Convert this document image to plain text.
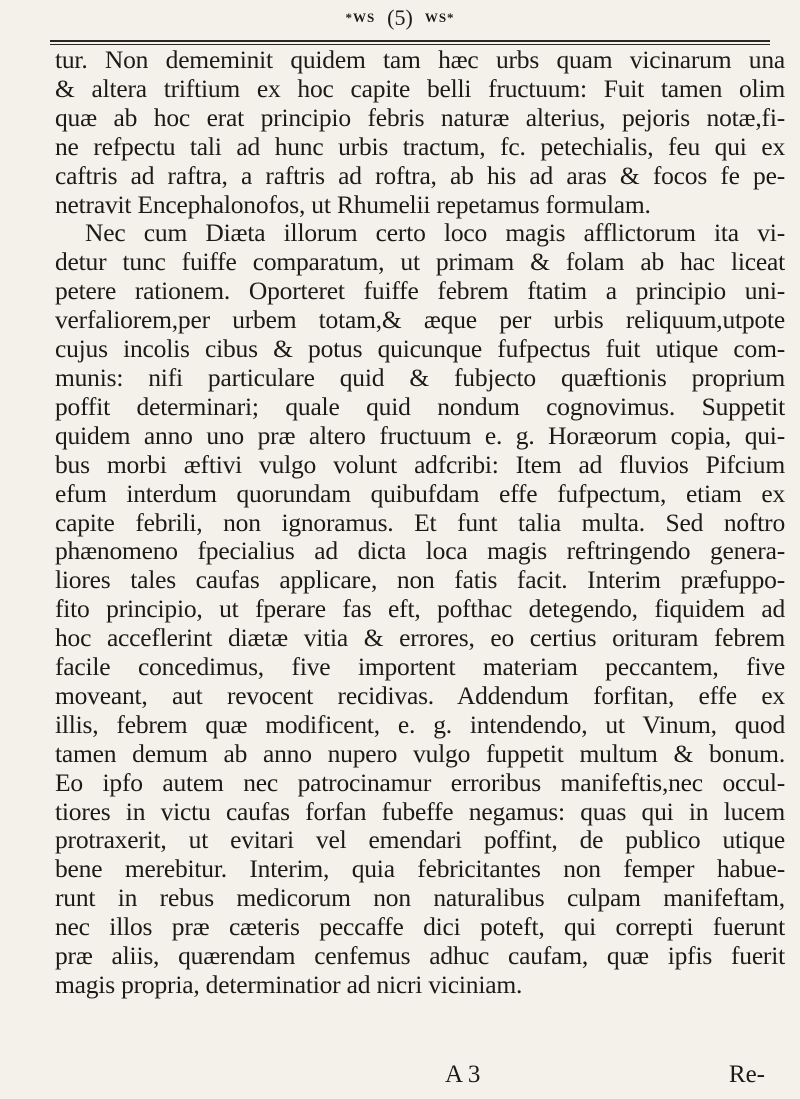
*WS (5) WS*
tur. Non dememinit quidem tam hæc urbs quam vicinarum una
& altera triftium ex hoc capite belli fructuum: Fuit tamen olim
quæ ab hoc erat principio febris naturæ alterius, pejoris notæ,fi-
ne refpectu tali ad hunc urbis tractum, fc. petechialis, feu qui ex
caftris ad raftra, a raftris ad roftra, ab his ad aras & focos fe pe-
netravit Encephalonofos, ut Rhumelii repetamus formulam.
Nec cum Diæta illorum certo loco magis afflictorum ita vi-
detur tunc fuiffe comparatum, ut primam & folam ab hac liceat
petere rationem. Oporteret fuiffe febrem ftatim a principio uni-
verfaliorem,per urbem totam,& æque per urbis reliquum,utpote
cujus incolis cibus & potus quicunque fufpectus fuit utique com-
munis: nifi particulare quid & fubjecto quæftionis proprium
poffit determinari; quale quid nondum cognovimus. Suppetit
quidem anno uno præ altero fructuum e. g. Horæorum copia, qui-
bus morbi æftivi vulgo volunt adfcribi: Item ad fluvios Pifcium
efum interdum quorundam quibufdam effe fufpectum, etiam ex
capite febrili, non ignoramus. Et funt talia multa. Sed noftro
phænomeno fpecialius ad dicta loca magis reftringendo genera-
liores tales caufas applicare, non fatis facit. Interim præfuppo-
fito principio, ut fperare fas eft, pofthac detegendo, fiquidem ad
hoc acceflerint diætæ vitia & errores, eo certius orituram febrem
facile concedimus, five importent materiam peccantem, five
moveant, aut revocent recidivas. Addendum forfitan, effe ex
illis, febrem quæ modificent, e. g. intendendo, ut Vinum, quod
tamen demum ab anno nupero vulgo fuppetit multum & bonum.
Eo ipfo autem nec patrocinamur erroribus manifeftis,nec occul-
tiores in victu caufas forfan fubeffe negamus: quas qui in lucem
protraxerit, ut evitari vel emendari poffint, de publico utique
bene merebitur. Interim, quia febricitantes non femper habue-
runt in rebus medicorum non naturalibus culpam manifeftam,
nec illos præ cæteris peccaffe dici poteft, qui correpti fuerunt
præ aliis, quærendam cenfemus adhuc caufam, quæ ipfis fuerit
magis propria, determinatior ad nicri viciniam.
A 3	Re-
